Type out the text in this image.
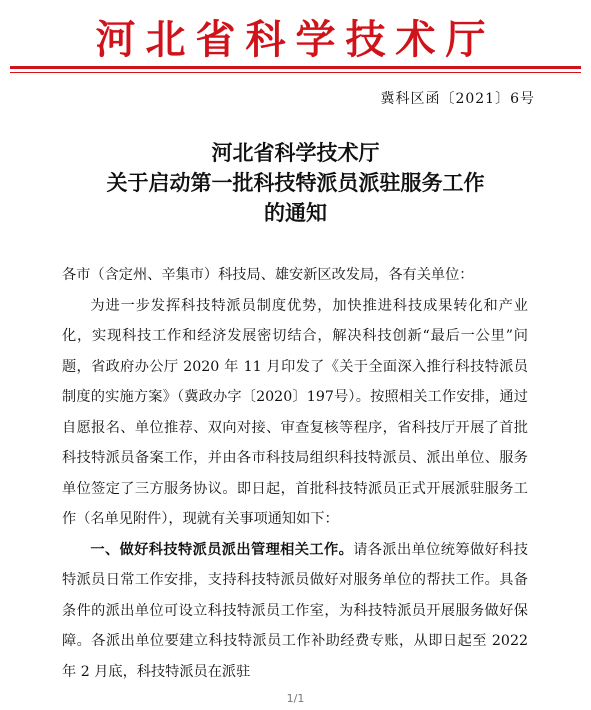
河北省科学技术厅
冀科区函〔2021〕6号
河北省科学技术厅
关于启动第一批科技特派员派驻服务工作
的通知

各市（含定州、辛集市）科技局、雄安新区改发局，各有关单位：

为进一步发挥科技特派员制度优势，加快推进科技成果转化和产业化，实现科技工作和经济发展密切结合，解决科技创新“最后一公里”问题，省政府办公厅 2020 年 11 月印发了《关于全面深入推行科技特派员制度的实施方案》（冀政办字〔2020〕197号）。按照相关工作安排，通过自愿报名、单位推荐、双向对接、审查复核等程序，省科技厅开展了首批科技特派员备案工作，并由各市科技局组织科技特派员、派出单位、服务单位签定了三方服务协议。即日起，首批科技特派员正式开展派驻服务工作（名单见附件），现就有关事项通知如下：

一、做好科技特派员派出管理相关工作。请各派出单位统筹做好科技特派员日常工作安排，支持科技特派员做好对服务单位的帮扶工作。具备条件的派出单位可设立科技特派员工作室，为科技特派员开展服务做好保障。各派出单位要建立科技特派员工作补助经费专账，从即日起至 2022 年 2 月底，科技特派员在派驻

1/1
